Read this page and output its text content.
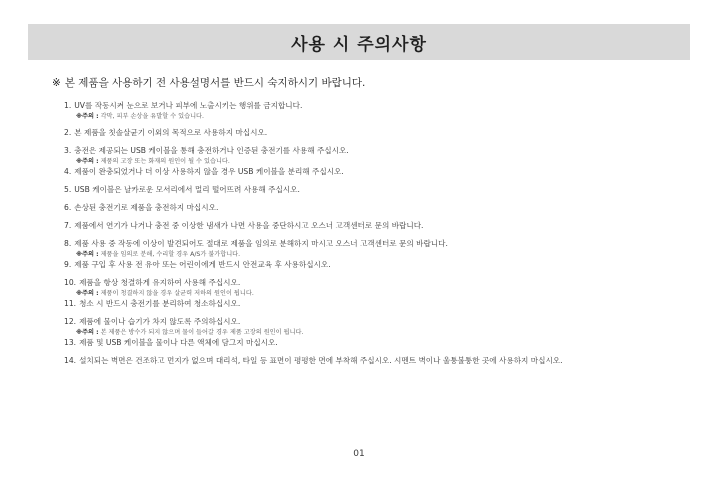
사용 시 주의사항
※ 본 제품을 사용하기 전 사용설명서를 반드시 숙지하시기 바랍니다.
1. UV를 작동시켜 눈으로 보거나 피부에 노출시키는 행위를 금지합니다.
※주의 : 각막, 피부 손상을 유발할 수 있습니다.
2. 본 제품을 칫솔살균기 이외의 목적으로 사용하지 마십시오.
3. 충전은 제공되는 USB 케이블을 통해 충전하거나 인증된 충전기를 사용해 주십시오.
※주의 : 제품의 고장 또는 화재의 원인이 될 수 있습니다.
4. 제품이 완충되었거나 더 이상 사용하지 않을 경우 USB 케이블을 분리해 주십시오.
5. USB 케이블은 날카로운 모서리에서 멀리 떨어뜨려 사용해 주십시오.
6. 손상된 충전기로 제품을 충전하지 마십시오.
7. 제품에서 연기가 나거나 충전 중 이상한 냄새가 나면 사용을 중단하시고 오스너 고객센터로 문의 바랍니다.
8. 제품 사용 중 작동에 이상이 발견되어도 절대로 제품을 임의로 분해하지 마시고 오스너 고객센터로 문의 바랍니다.
※주의 : 제품을 임의로 분해, 수리할 경우 A/S가 불가합니다.
9. 제품 구입 후 사용 전 유아 또는 어린이에게 반드시 안전교육 후 사용하십시오.
10. 제품을 항상 청결하게 유지하여 사용해 주십시오.
※주의 : 제품이 청결하지 않을 경우 살균력 저하의 원인이 됩니다.
11. 청소 시 반드시 충전기를 분리하여 청소하십시오.
12. 제품에 물이나 습기가 차지 않도록 주의하십시오.
※주의 : 본 제품은 방수가 되지 않으며 물이 들어갈 경우 제품 고장의 원인이 됩니다.
13. 제품 및 USB 케이블을 물이나 다른 액체에 담그지 마십시오.
14. 설치되는 벽면은 건조하고 먼지가 없으며 대리석, 타일 등 표면이 평평한 면에 부착해 주십시오. 시멘트 벽이나 울퉁불퉁한 곳에 사용하지 마십시오.
01
